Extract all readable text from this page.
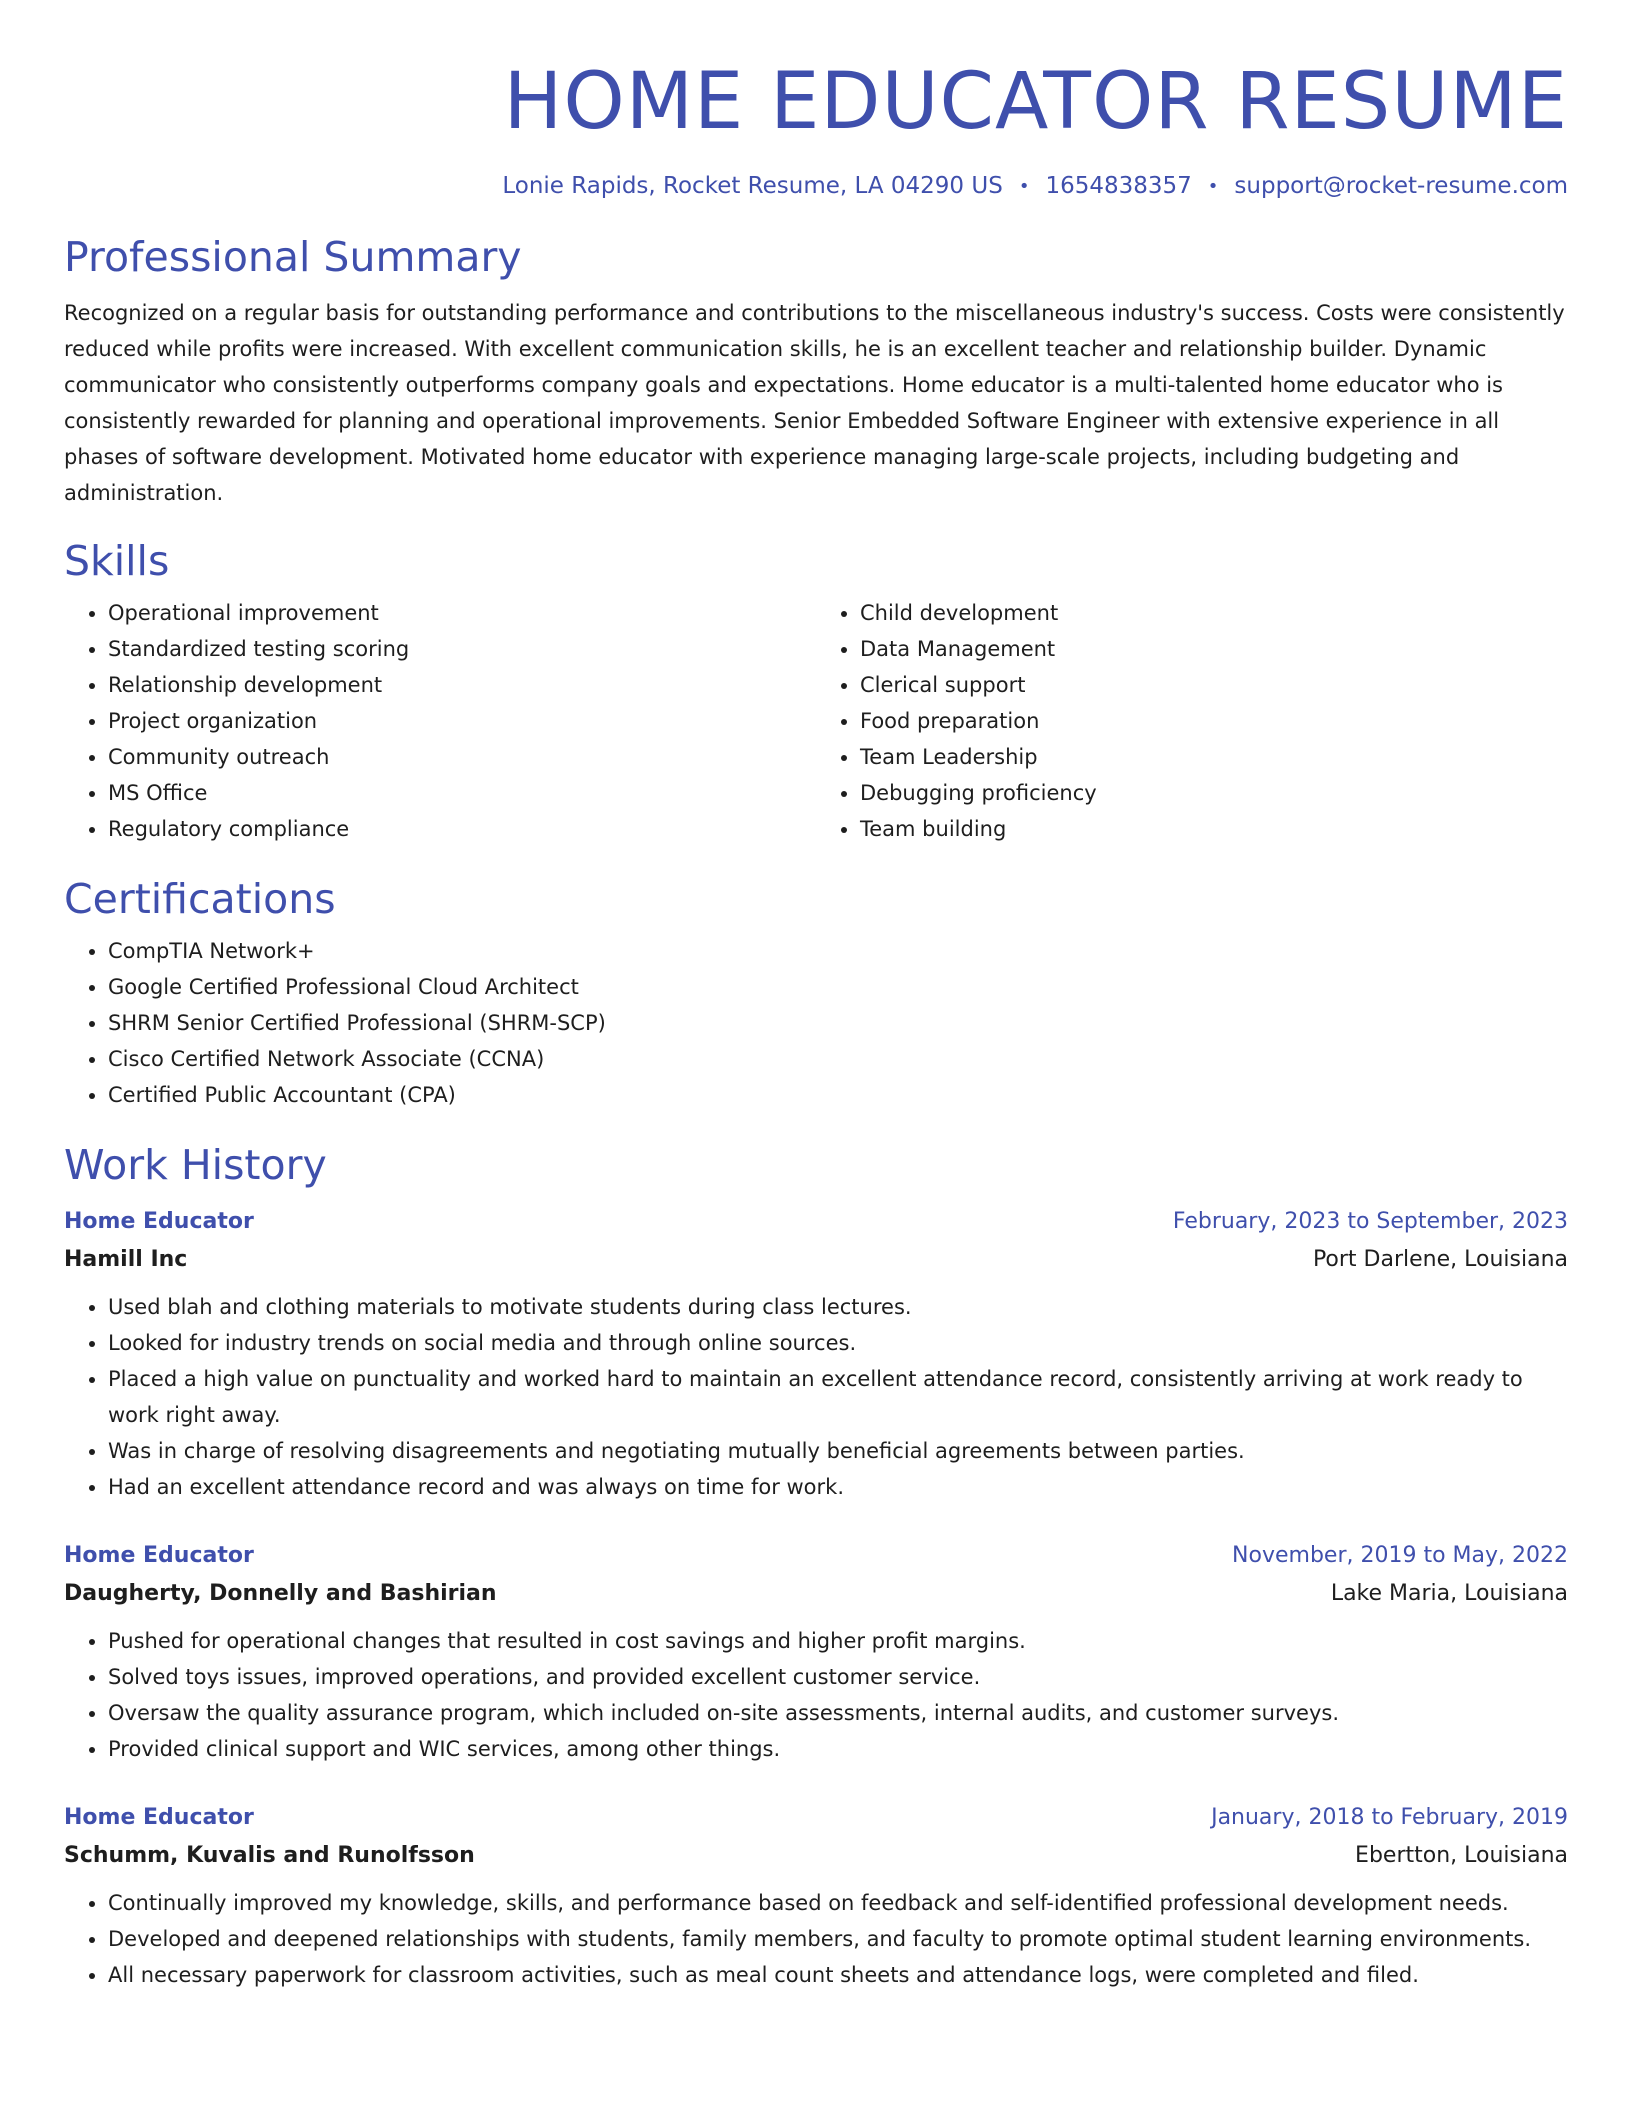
HOME EDUCATOR RESUME
Lonie Rapids, Rocket Resume, LA 04290 US • 1654838357 • support@rocket-resume.com
Professional Summary

Recognized on a regular basis for outstanding performance and contributions to the miscellaneous industry's success. Costs were consistently reduced while profits were increased. With excellent communication skills, he is an excellent teacher and relationship builder. Dynamic communicator who consistently outperforms company goals and expectations. Home educator is a multi-talented home educator who is consistently rewarded for planning and operational improvements. Senior Embedded Software Engineer with extensive experience in all phases of software development. Motivated home educator with experience managing large-scale projects, including budgeting and administration.

Skills
• Operational improvement
• Standardized testing scoring
• Relationship development
• Project organization
• Community outreach
• MS Office
• Regulatory compliance
• Child development
• Data Management
• Clerical support
• Food preparation
• Team Leadership
• Debugging proficiency
• Team building
Certifications
• CompTIA Network+
• Google Certified Professional Cloud Architect
• SHRM Senior Certified Professional (SHRM-SCP)
• Cisco Certified Network Associate (CCNA)
• Certified Public Accountant (CPA)
Work History
Home Educator	February, 2023 to September, 2023
Hamill Inc	Port Darlene, Louisiana
• Used blah and clothing materials to motivate students during class lectures.
• Looked for industry trends on social media and through online sources.
• Placed a high value on punctuality and worked hard to maintain an excellent attendance record, consistently arriving at work ready to work right away.
• Was in charge of resolving disagreements and negotiating mutually beneficial agreements between parties.
• Had an excellent attendance record and was always on time for work.
Home Educator	November, 2019 to May, 2022
Daugherty, Donnelly and Bashirian	Lake Maria, Louisiana
• Pushed for operational changes that resulted in cost savings and higher profit margins.
• Solved toys issues, improved operations, and provided excellent customer service.
• Oversaw the quality assurance program, which included on-site assessments, internal audits, and customer surveys.
• Provided clinical support and WIC services, among other things.
Home Educator	January, 2018 to February, 2019
Schumm, Kuvalis and Runolfsson	Ebertton, Louisiana
• Continually improved my knowledge, skills, and performance based on feedback and self-identified professional development needs.
• Developed and deepened relationships with students, family members, and faculty to promote optimal student learning environments.
• All necessary paperwork for classroom activities, such as meal count sheets and attendance logs, were completed and filed.
